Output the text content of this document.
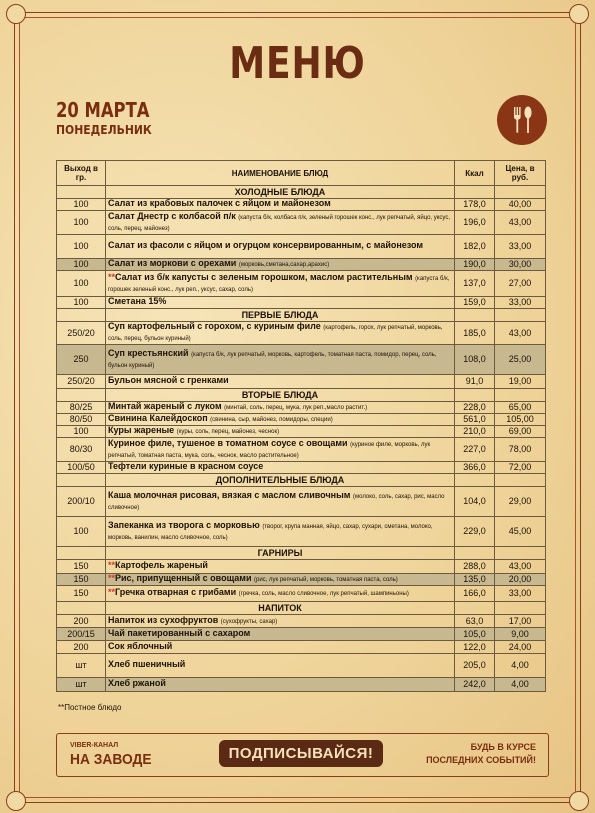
МЕНЮ
20 МАРТА
ПОНЕДЕЛЬНИК
Выход в гр.	НАИМЕНОВАНИЕ БЛЮД	Ккал	Цена, в руб.
	ХОЛОДНЫЕ БЛЮДА		
100	Салат из крабовых палочек с яйцом и майонезом	178,0	40,00
100	Салат Днестр с колбасой п/к (капуста б/к, колбаса п/к, зеленый горошек конс., лук репчатый, яйцо, уксус, соль, перец, майонез)	196,0	43,00
100	Салат из фасоли с яйцом и огурцом консервированным, с майонезом	182,0	33,00
100	Салат из моркови с орехами (морковь,сметана,сахар,арахис)	190,0	30,00
100	**Салат из б/к капусты с зеленым горошком, маслом растительным (капуста б/к, горошек зеленый конс., лук реп., уксус, сахар, соль)	137,0	27,00
100	Сметана 15%	159,0	33,00
	ПЕРВЫЕ БЛЮДА		
250/20	Суп картофельный с горохом, с куриным филе (картофель, горох, лук репчатый, морковь, соль, перец, бульон куриный)	185,0	43,00
250	Суп крестьянский (капуста б/к, лук репчатый, морковь, картофель, томатная паста, помидор, перец, соль, бульон куриный)	108,0	25,00
250/20	Бульон мясной с гренками	91,0	19,00
	ВТОРЫЕ БЛЮДА		
80/25	Минтай жареный с луком (минтай, соль, перец, мука, лук реп.,масло растит.)	228,0	65,00
80/50	Свинина Калейдоскоп (свинина, сыр, майонез, помидоры, специи)	561,0	105,00
100	Куры жареные (куры, соль, перец, майонез, чеснок)	210,0	69,00
80/30	Куриное филе, тушеное в томатном соусе с овощами (куриное филе, морковь, лук репчатый, томатная паста, мука, соль, чеснок, масло растительное)	227,0	78,00
100/50	Тефтели куриные в красном соусе	366,0	72,00
	ДОПОЛНИТЕЛЬНЫЕ БЛЮДА		
200/10	Каша молочная рисовая, вязкая с маслом сливочным (молоко, соль, сахар, рис, масло сливочное)	104,0	29,00
100	Запеканка из творога с морковью (творог, крупа манная, яйцо, сахар, сухари, сметана, молоко, морковь, ванилин, масло сливочное, соль)	229,0	45,00
	ГАРНИРЫ		
150	**Картофель жареный	288,0	43,00
150	**Рис, припущенный с овощами (рис, лук репчатый, морковь, томатная паста, соль)	135,0	20,00
150	**Гречка отварная с грибами (гречка, соль, масло сливочное, лук репчатый, шампиньоны)	166,0	33,00
	НАПИТОК		
200	Напиток из сухофруктов (сухофрукты, сахар)	63,0	17,00
200/15	Чай пакетированный с сахаром	105,0	9,00
200	Сок яблочный	122,0	24,00
шт	Хлеб пшеничный	205,0	4,00
шт	Хлеб ржаной	242,0	4,00
**Постное блюдо
VIBER-КАНАЛ
НА ЗАВОДЕ	ПОДПИСЫВАЙСЯ!	БУДЬ В КУРСЕ
ПОСЛЕДНИХ СОБЫТИЙ!
